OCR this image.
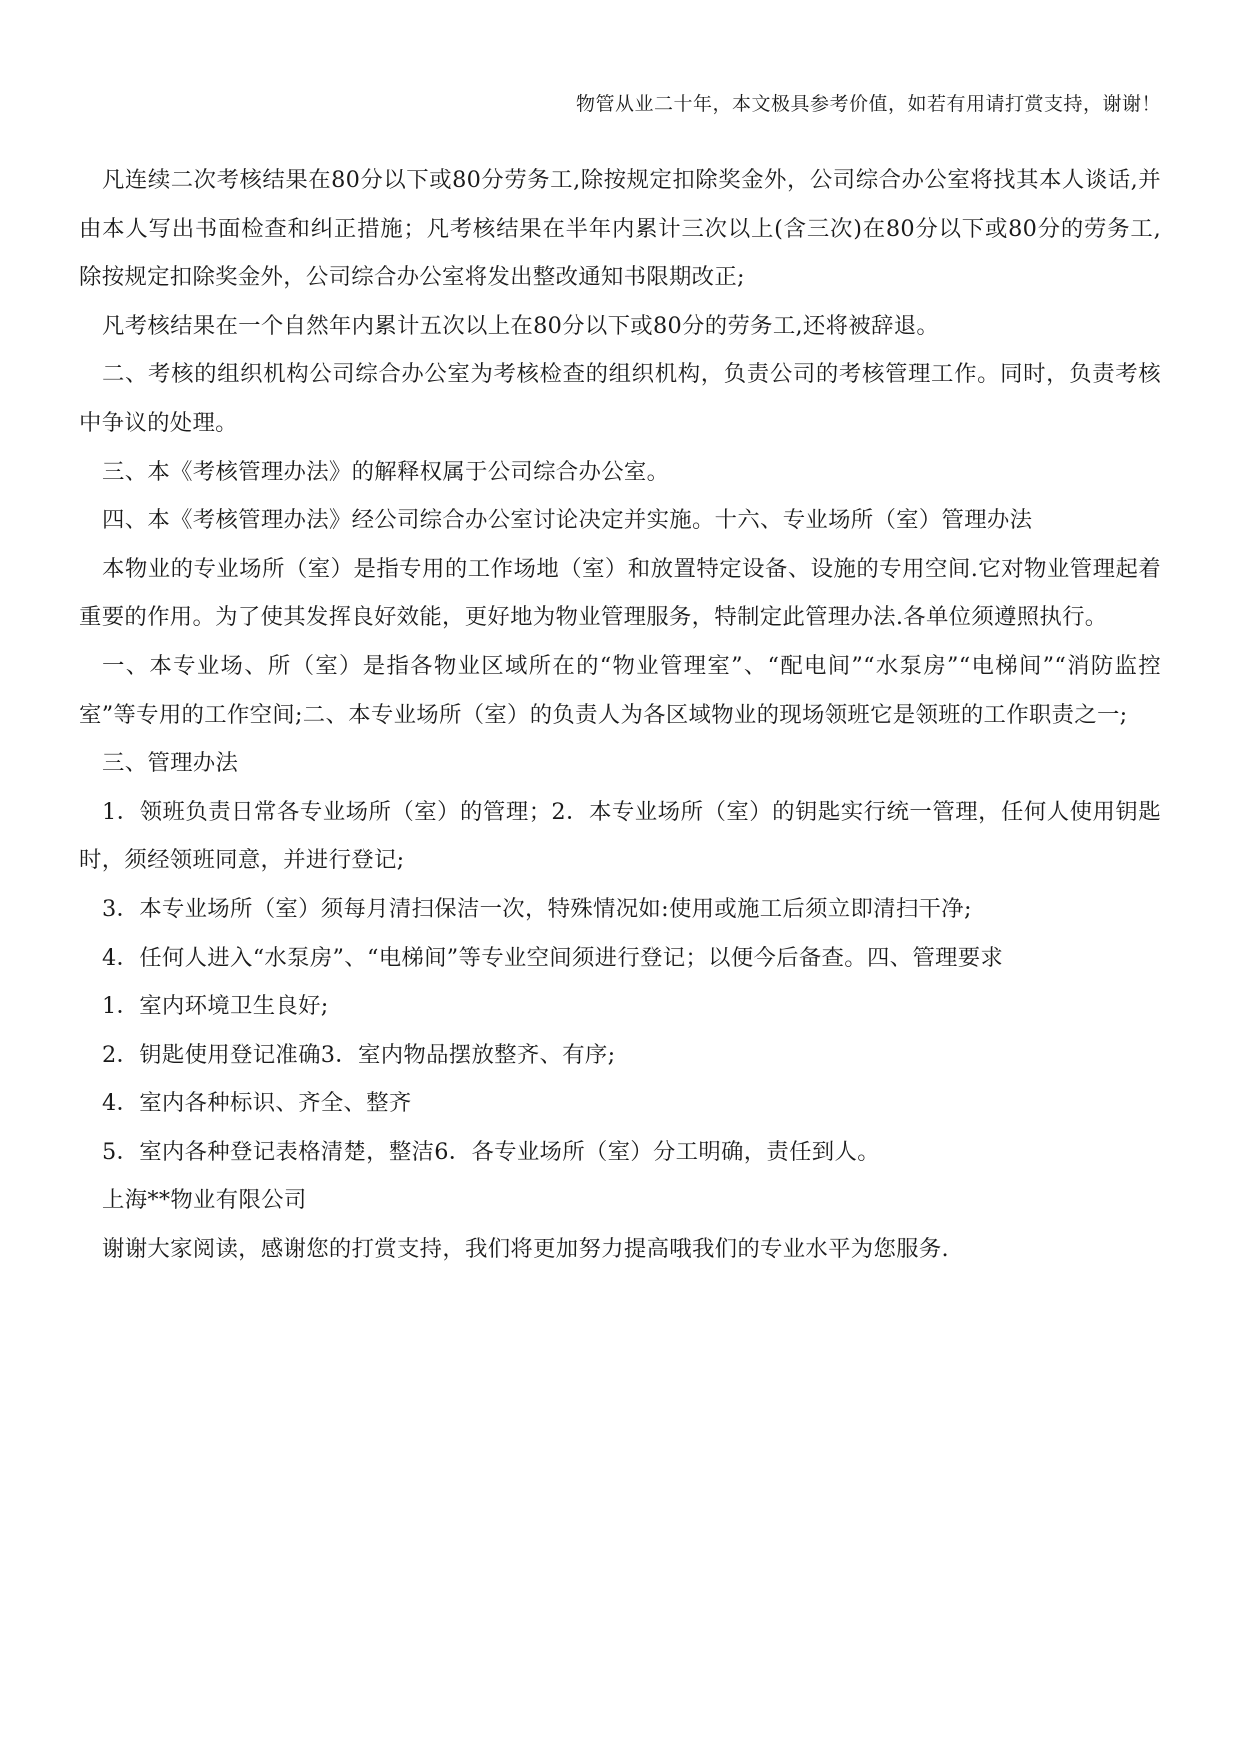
物管从业二十年，本文极具参考价值，如若有用请打赏支持，谢谢！

凡连续二次考核结果在80分以下或80分劳务工,除按规定扣除奖金外，公司综合办公室将找其本人谈话,并由本人写出书面检查和纠正措施；凡考核结果在半年内累计三次以上(含三次)在80分以下或80分的劳务工,除按规定扣除奖金外，公司综合办公室将发出整改通知书限期改正;

凡考核结果在一个自然年内累计五次以上在80分以下或80分的劳务工,还将被辞退。

二、考核的组织机构公司综合办公室为考核检查的组织机构，负责公司的考核管理工作。同时，负责考核中争议的处理。

三、本《考核管理办法》的解释权属于公司综合办公室。

四、本《考核管理办法》经公司综合办公室讨论决定并实施。十六、专业场所（室）管理办法

本物业的专业场所（室）是指专用的工作场地（室）和放置特定设备、设施的专用空间.它对物业管理起着重要的作用。为了使其发挥良好效能，更好地为物业管理服务，特制定此管理办法.各单位须遵照执行。

一、本专业场、所（室）是指各物业区域所在的“物业管理室”、“配电间”“水泵房”“电梯间”“消防监控室”等专用的工作空间;二、本专业场所（室）的负责人为各区域物业的现场领班它是领班的工作职责之一;

三、管理办法

1．领班负责日常各专业场所（室）的管理；2．本专业场所（室）的钥匙实行统一管理，任何人使用钥匙时，须经领班同意，并进行登记;

3．本专业场所（室）须每月清扫保洁一次，特殊情况如:使用或施工后须立即清扫干净;

4．任何人进入“水泵房”、“电梯间”等专业空间须进行登记；以便今后备查。四、管理要求

1．室内环境卫生良好;

2．钥匙使用登记准确3．室内物品摆放整齐、有序;

4．室内各种标识、齐全、整齐

5．室内各种登记表格清楚，整洁6．各专业场所（室）分工明确，责任到人。

上海**物业有限公司

谢谢大家阅读，感谢您的打赏支持，我们将更加努力提高哦我们的专业水平为您服务.
